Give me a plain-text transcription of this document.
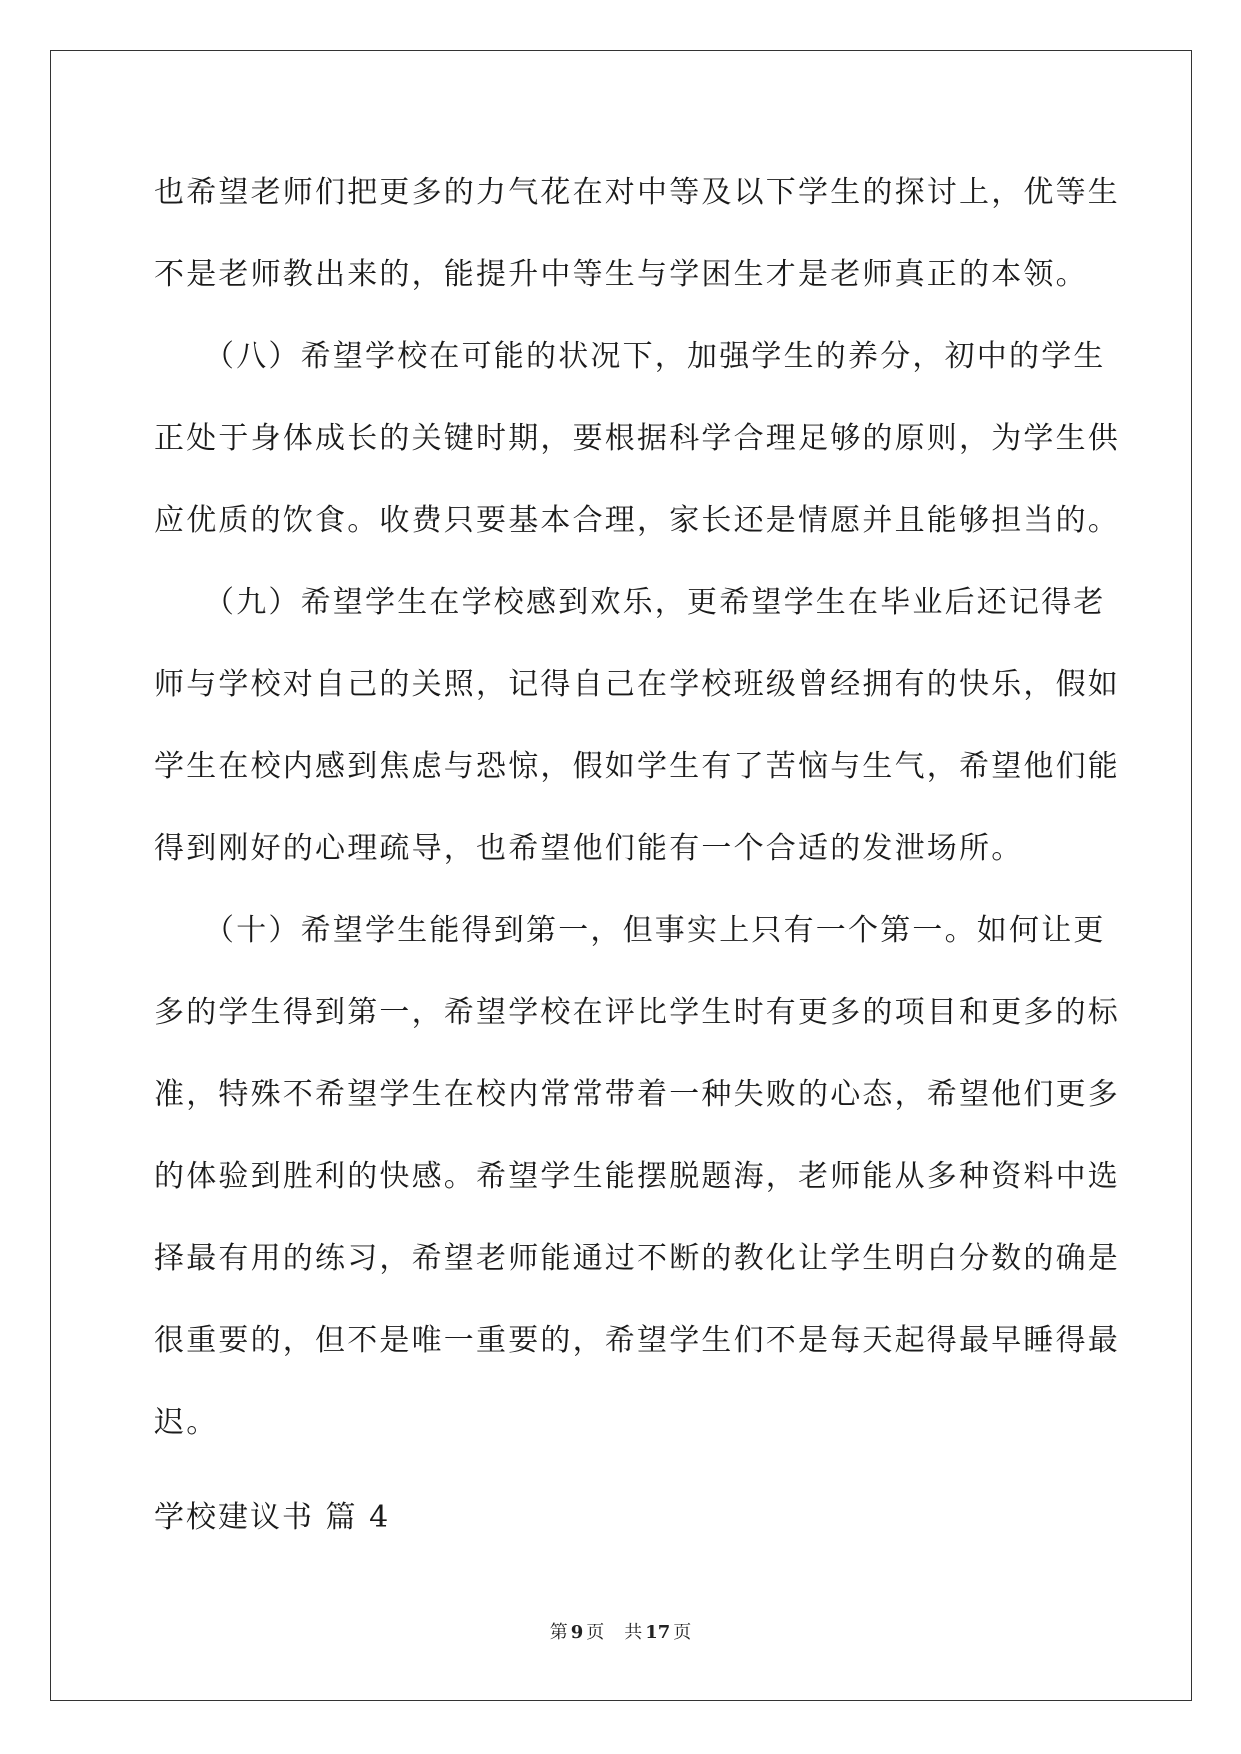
也希望老师们把更多的力气花在对中等及以下学生的探讨上，优等生
不是老师教出来的，能提升中等生与学困生才是老师真正的本领。
（八）希望学校在可能的状况下，加强学生的养分，初中的学生
正处于身体成长的关键时期，要根据科学合理足够的原则，为学生供
应优质的饮食。收费只要基本合理，家长还是情愿并且能够担当的。
（九）希望学生在学校感到欢乐，更希望学生在毕业后还记得老
师与学校对自己的关照，记得自己在学校班级曾经拥有的快乐，假如
学生在校内感到焦虑与恐惊，假如学生有了苦恼与生气，希望他们能
得到刚好的心理疏导，也希望他们能有一个合适的发泄场所。
（十）希望学生能得到第一，但事实上只有一个第一。如何让更
多的学生得到第一，希望学校在评比学生时有更多的项目和更多的标
准，特殊不希望学生在校内常常带着一种失败的心态，希望他们更多
的体验到胜利的快感。希望学生能摆脱题海，老师能从多种资料中选
择最有用的练习，希望老师能通过不断的教化让学生明白分数的确是
很重要的，但不是唯一重要的，希望学生们不是每天起得最早睡得最
迟。
学校建议书 篇 4
第 9 页 共 17 页
